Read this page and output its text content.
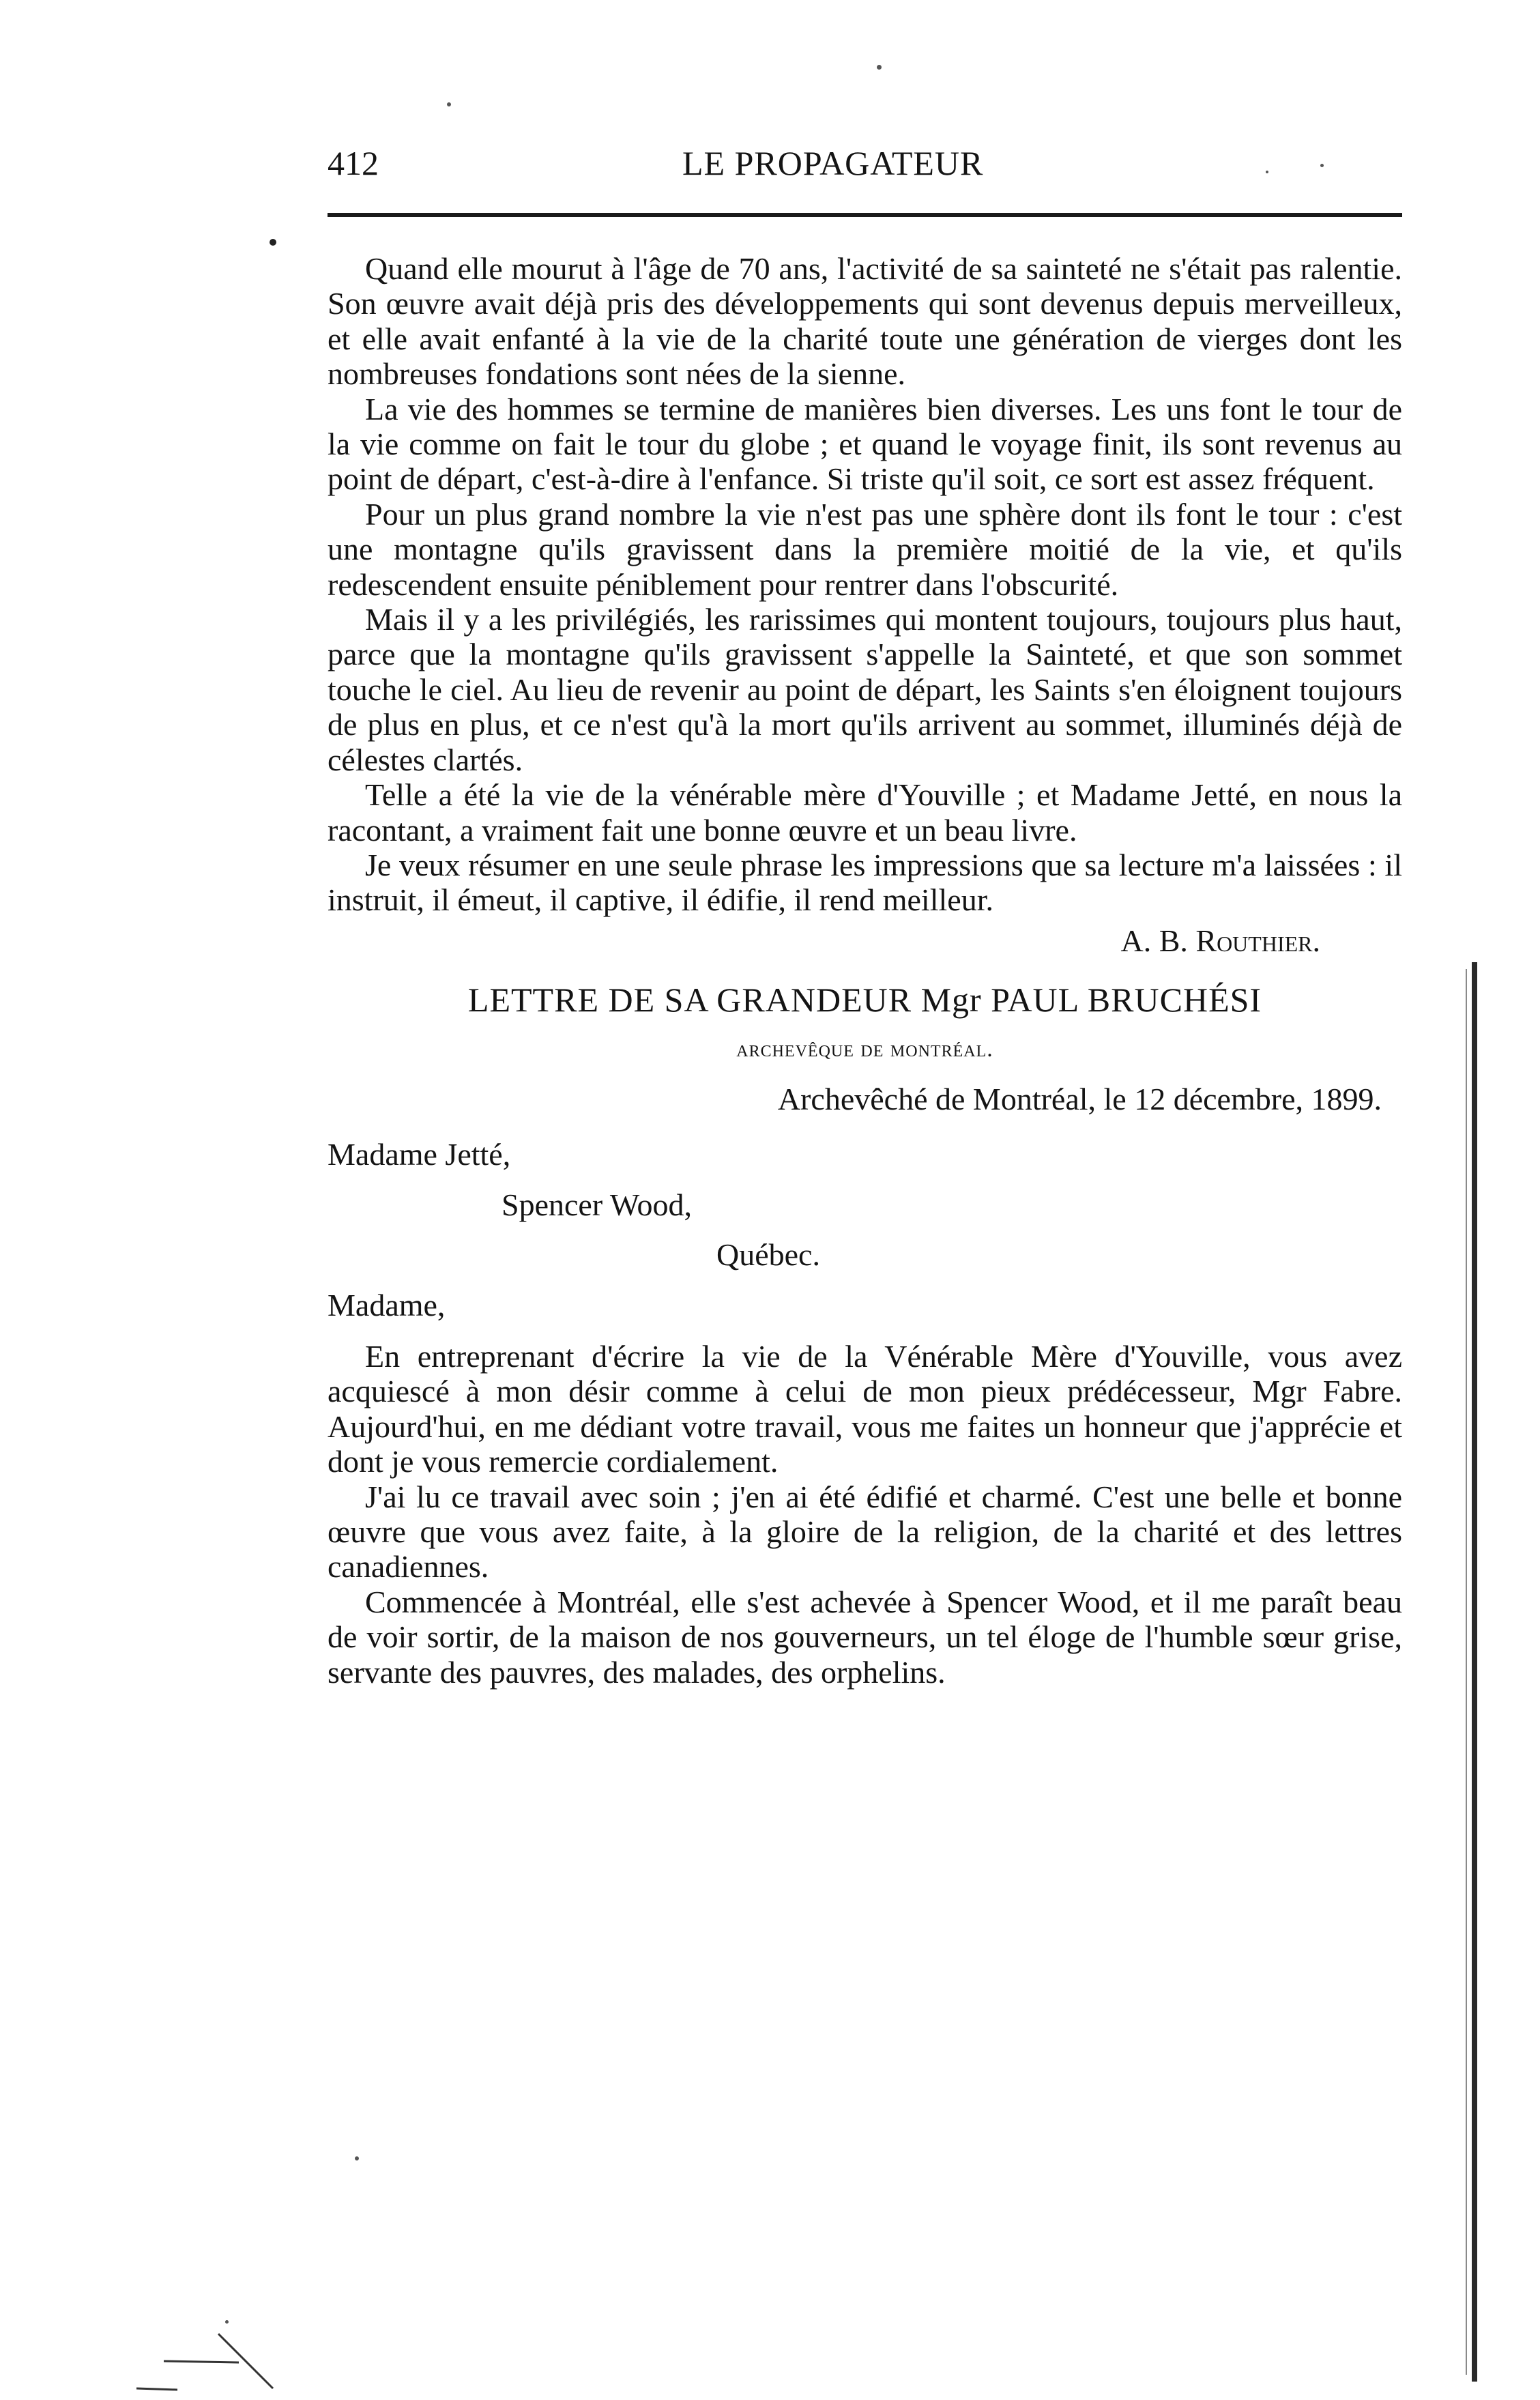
412	LE PROPAGATEUR

Quand elle mourut à l'âge de 70 ans, l'activité de sa sainteté ne s'était pas ralentie. Son œuvre avait déjà pris des développements qui sont devenus depuis merveilleux, et elle avait enfanté à la vie de la charité toute une génération de vierges dont les nombreuses fondations sont nées de la sienne.

La vie des hommes se termine de manières bien diverses. Les uns font le tour de la vie comme on fait le tour du globe ; et quand le voyage finit, ils sont revenus au point de départ, c'est-à-dire à l'enfance. Si triste qu'il soit, ce sort est assez fréquent.

Pour un plus grand nombre la vie n'est pas une sphère dont ils font le tour : c'est une montagne qu'ils gravissent dans la première moitié de la vie, et qu'ils redescendent ensuite péniblement pour rentrer dans l'obscurité.

Mais il y a les privilégiés, les rarissimes qui montent toujours, toujours plus haut, parce que la montagne qu'ils gravissent s'appelle la Sainteté, et que son sommet touche le ciel. Au lieu de revenir au point de départ, les Saints s'en éloignent toujours de plus en plus, et ce n'est qu'à la mort qu'ils arrivent au sommet, illuminés déjà de célestes clartés.

Telle a été la vie de la vénérable mère d'Youville ; et Madame Jetté, en nous la racontant, a vraiment fait une bonne œuvre et un beau livre.

Je veux résumer en une seule phrase les impressions que sa lecture m'a laissées : il instruit, il émeut, il captive, il édifie, il rend meilleur.

A. B. Routhier.
LETTRE DE SA GRANDEUR Mgr PAUL BRUCHÉSI
archevêque de montréal.
Archevêché de Montréal, le 12 décembre, 1899.
Madame Jetté,
Spencer Wood,
Québec.
Madame,

En entreprenant d'écrire la vie de la Vénérable Mère d'Youville, vous avez acquiescé à mon désir comme à celui de mon pieux prédécesseur, Mgr Fabre. Aujourd'hui, en me dédiant votre travail, vous me faites un honneur que j'apprécie et dont je vous remercie cordialement.

J'ai lu ce travail avec soin ; j'en ai été édifié et charmé. C'est une belle et bonne œuvre que vous avez faite, à la gloire de la religion, de la charité et des lettres canadiennes.

Commencée à Montréal, elle s'est achevée à Spencer Wood, et il me paraît beau de voir sortir, de la maison de nos gouverneurs, un tel éloge de l'humble sœur grise, servante des pauvres, des malades, des orphelins.
